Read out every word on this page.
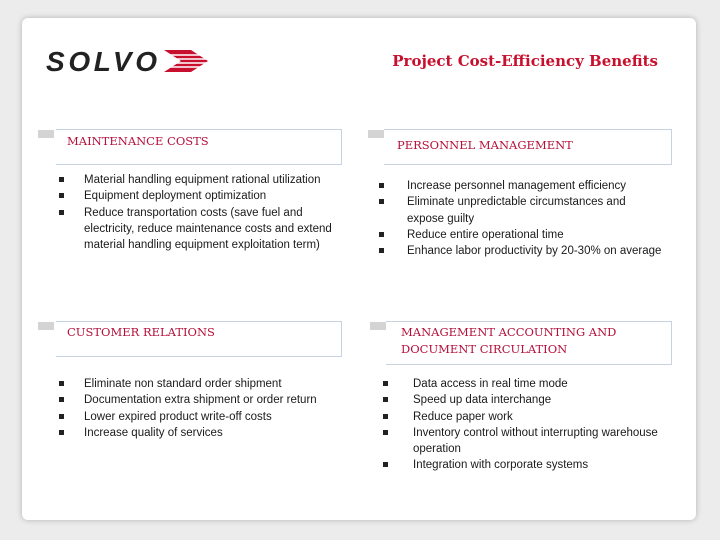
SOLVO	Project Cost-Efficiency Benefits
MAINTENANCE COSTS
Material handling equipment rational utilization
Equipment deployment optimization
Reduce transportation costs (save fuel and electricity, reduce maintenance costs and extend material handling equipment exploitation term)
PERSONNEL MANAGEMENT
Increase personnel management efficiency
Eliminate unpredictable circumstances and expose guilty
Reduce entire operational time
Enhance labor productivity by 20-30% on average
CUSTOMER RELATIONS
Eliminate non standard order shipment
Documentation extra shipment or order return
Lower expired product write-off costs
Increase quality of services
MANAGEMENT ACCOUNTING AND
DOCUMENT CIRCULATION
Data access in real time mode
Speed up data interchange
Reduce paper work
Inventory control without interrupting warehouse operation
Integration with corporate systems
